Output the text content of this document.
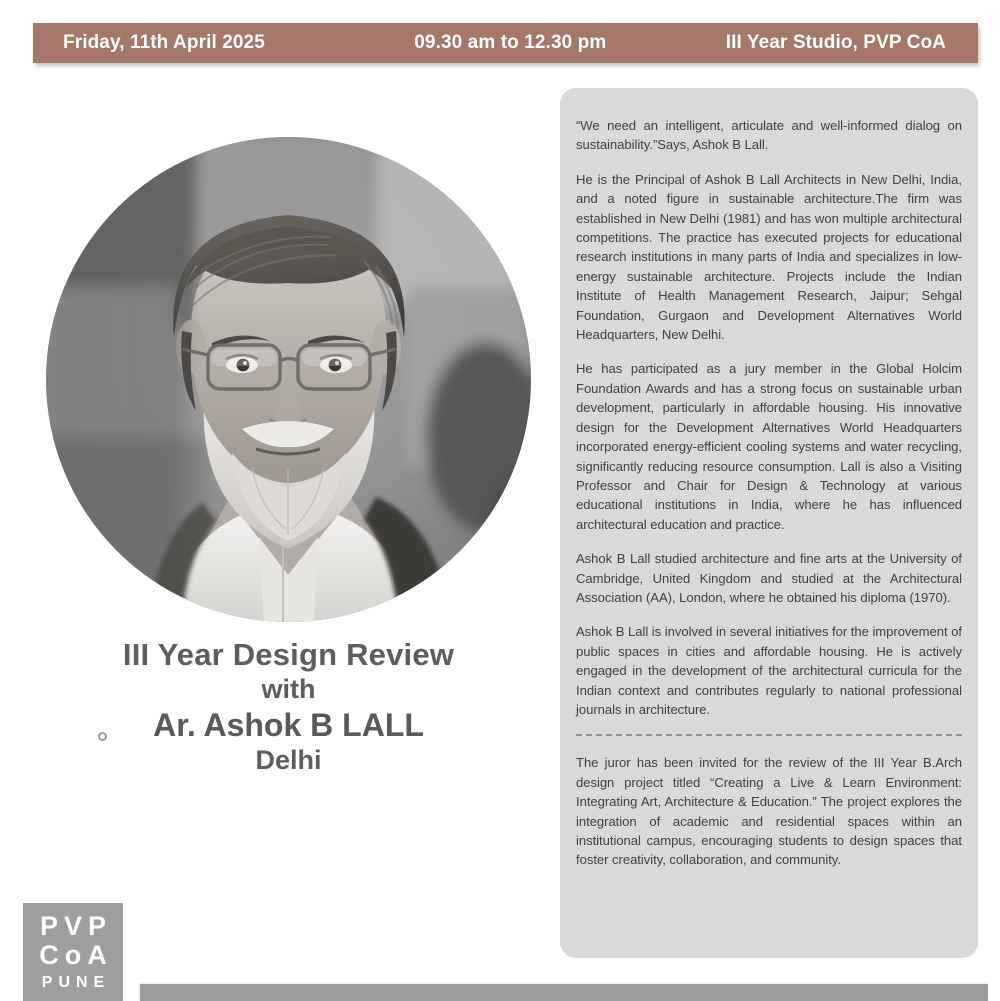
Friday, 11th April 2025	09.30 am to 12.30 pm	III Year Studio, PVP CoA
III Year Design Review
with
Ar. Ashok B LALL
Delhi
PVP
CoA
PUNE

“We need an intelligent, articulate and well-informed dialog on sustainability.”Says, Ashok B Lall.

He is the Principal of Ashok B Lall Architects in New Delhi, India, and a noted figure in sustainable architecture.The firm was established in New Delhi (1981) and has won multiple architectural competitions. The practice has executed projects for educational research institutions in many parts of India and specializes in low-energy sustainable architecture. Projects include the Indian Institute of Health Management Research, Jaipur; Sehgal Foundation, Gurgaon and Development Alternatives World Headquarters, New Delhi.

He has participated as a jury member in the Global Holcim Foundation Awards and has a strong focus on sustainable urban development, particularly in affordable housing. His innovative design for the Development Alternatives World Headquarters incorporated energy-efficient cooling systems and water recycling, significantly reducing resource consumption. Lall is also a Visiting Professor and Chair for Design & Technology at various educational institutions in India, where he has influenced architectural education and practice.

Ashok B Lall studied architecture and fine arts at the University of Cambridge, United Kingdom and studied at the Architectural Association (AA), London, where he obtained his diploma (1970).

Ashok B Lall is involved in several initiatives for the improvement of public spaces in cities and affordable housing. He is actively engaged in the development of the architectural curricula for the Indian context and contributes regularly to national professional journals in architecture.

The juror has been invited for the review of the III Year B.Arch design project titled “Creating a Live & Learn Environment: Integrating Art, Architecture & Education.” The project explores the integration of academic and residential spaces within an institutional campus, encouraging students to design spaces that foster creativity, collaboration, and community.
